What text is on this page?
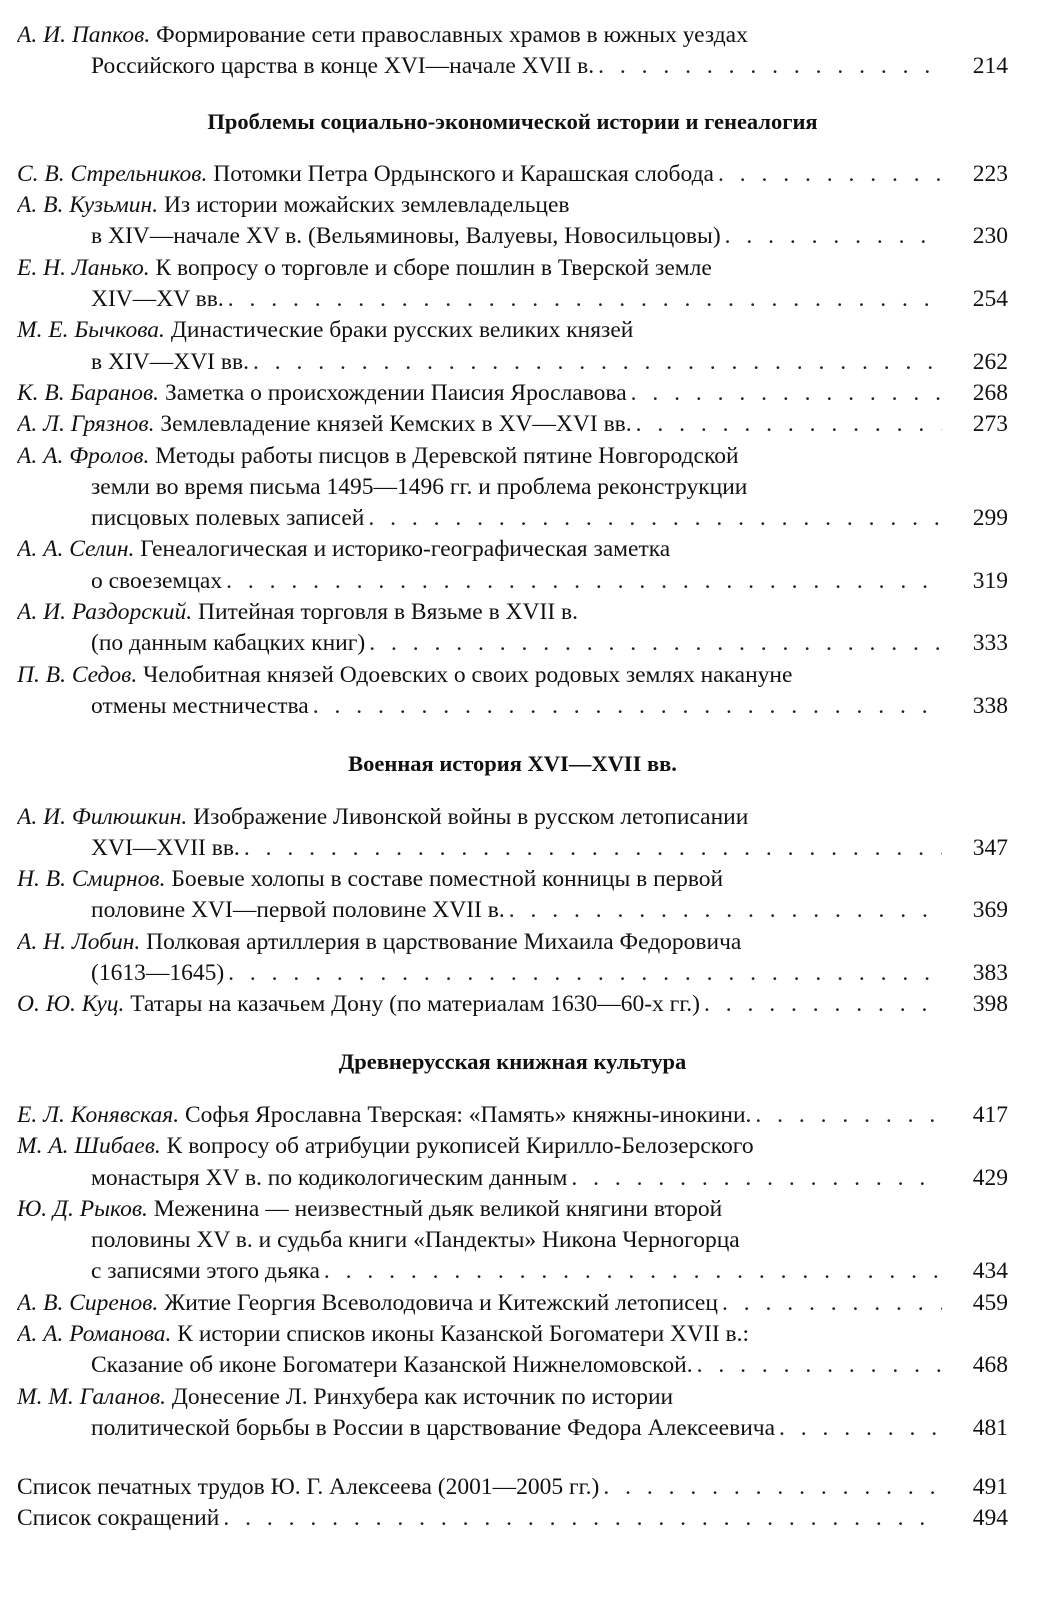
А. И. Папков. Формирование сети православных храмов в южных уездах
Российского царства в конце XVI—начале XVII в. . . .	214
Проблемы социально-экономической истории и генеалогия
С. В. Стрельников. Потомки Петра Ордынского и Карашская слобода . . .	223
А. В. Кузьмин. Из истории можайских землевладельцев
в XIV—начале XV в. (Вельяминовы, Валуевы, Новосильцовы) . . .	230
Е. Н. Ланько. К вопросу о торговле и сборе пошлин в Тверской земле
XIV—XV вв. . . .	254
М. Е. Бычкова. Династические браки русских великих князей
в XIV—XVI вв. . . .	262
К. В. Баранов. Заметка о происхождении Паисия Ярославова . . .	268
А. Л. Грязнов. Землевладение князей Кемских в XV—XVI вв. . . .	273
А. А. Фролов. Методы работы писцов в Деревской пятине Новгородской
земли во время письма 1495—1496 гг. и проблема реконструкции
писцовых полевых записей . . .	299
А. А. Селин. Генеалогическая и историко-географическая заметка
о своеземцах . . .	319
А. И. Раздорский. Питейная торговля в Вязьме в XVII в.
(по данным кабацких книг) . . .	333
П. В. Седов. Челобитная князей Одоевских о своих родовых землях накануне
отмены местничества . . .	338
Военная история XVI—XVII вв.
А. И. Филюшкин. Изображение Ливонской войны в русском летописании
XVI—XVII вв. . . .	347
Н. В. Смирнов. Боевые холопы в составе поместной конницы в первой
половине XVI—первой половине XVII в. . . .	369
А. Н. Лобин. Полковая артиллерия в царствование Михаила Федоровича
(1613—1645) . . .	383
О. Ю. Куц. Татары на казачьем Дону (по материалам 1630—60-х гг.) . . .	398
Древнерусская книжная культура
Е. Л. Конявская. Софья Ярославна Тверская: «Память» княжны-инокини. . . .	417
М. А. Шибаев. К вопросу об атрибуции рукописей Кирилло-Белозерского
монастыря XV в. по кодикологическим данным . . .	429
Ю. Д. Рыков. Меженина — неизвестный дьяк великой княгини второй
половины XV в. и судьба книги «Пандекты» Никона Черногорца
с записями этого дьяка . . .	434
А. В. Сиренов. Житие Георгия Всеволодовича и Китежский летописец . . .	459
А. А. Романова. К истории списков иконы Казанской Богоматери XVII в.:
Сказание об иконе Богоматери Казанской Нижнеломовской. . . .	468
М. М. Галанов. Донесение Л. Ринхубера как источник по истории
политической борьбы в России в царствование Федора Алексеевича . . .	481
Список печатных трудов Ю. Г. Алексеева (2001—2005 гг.) . . .	491
Список сокращений . . .	494
